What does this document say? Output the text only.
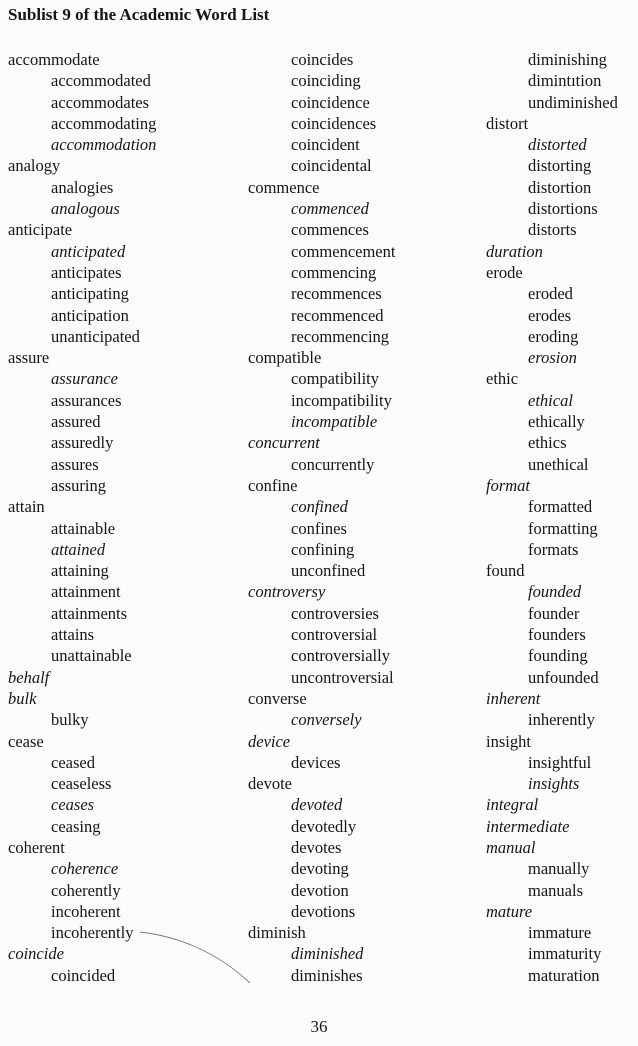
Sublist 9 of the Academic Word List
accommodate
accommodated
accommodates
accommodating
accommodation
analogy
analogies
analogous
anticipate
anticipated
anticipates
anticipating
anticipation
unanticipated
assure
assurance
assurances
assured
assuredly
assures
assuring
attain
attainable
attained
attaining
attainment
attainments
attains
unattainable
behalf
bulk
bulky
cease
ceased
ceaseless
ceases
ceasing
coherent
coherence
coherently
incoherent
incoherently
coincide
coincided
coincides
coinciding
coincidence
coincidences
coincident
coincidental
commence
commenced
commences
commencement
commencing
recommences
recommenced
recommencing
compatible
compatibility
incompatibility
incompatible
concurrent
concurrently
confine
confined
confines
confining
unconfined
controversy
controversies
controversial
controversially
uncontroversial
converse
conversely
device
devices
devote
devoted
devotedly
devotes
devoting
devotion
devotions
diminish
diminished
diminishes
diminishing
dimintıtion
undiminished
distort
distorted
distorting
distortion
distortions
distorts
duration
erode
eroded
erodes
eroding
erosion
ethic
ethical
ethically
ethics
unethical
format
formatted
formatting
formats
found
founded
founder
founders
founding
unfounded
inherent
inherently
insight
insightful
insights
integral
intermediate
manual
manually
manuals
mature
immature
immaturity
maturation
36
